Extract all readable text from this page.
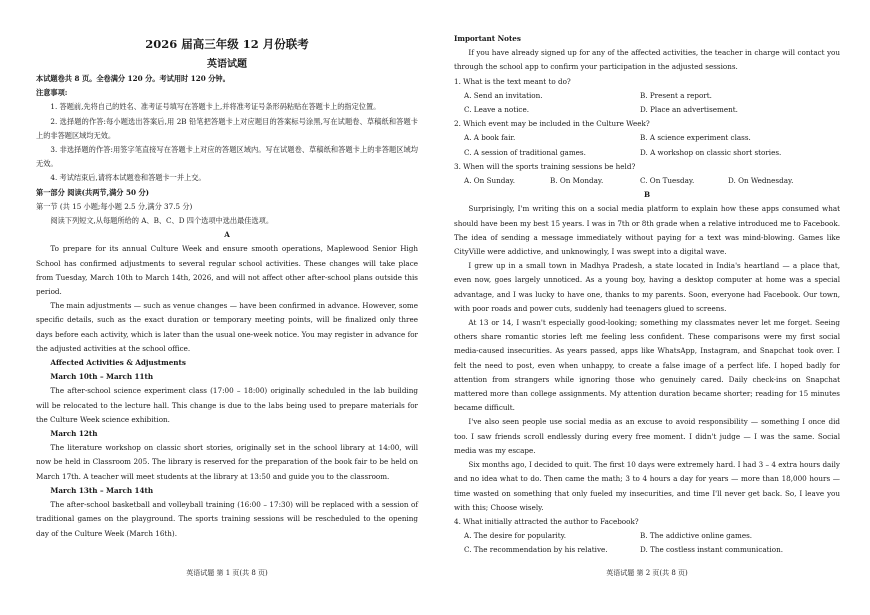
2026 届高三年级 12 月份联考
英语试题

本试题卷共 8 页。全卷满分 120 分。考试用时 120 分钟。

注意事项:

1. 答题前,先将自己的姓名、准考证号填写在答题卡上,并将准考证号条形码粘贴在答题卡上的指定位置。

2. 选择题的作答:每小题选出答案后,用 2B 铅笔把答题卡上对应题目的答案标号涂黑,写在试题卷、草稿纸和答题卡上的非答题区域均无效。

3. 非选择题的作答:用签字笔直接写在答题卡上对应的答题区域内。写在试题卷、草稿纸和答题卡上的非答题区域均无效。

4. 考试结束后,请将本试题卷和答题卡一并上交。

第一部分 阅读(共两节,满分 50 分)

第一节 (共 15 小题;每小题 2.5 分,满分 37.5 分)

阅读下列短文,从每题所给的 A、B、C、D 四个选项中选出最佳选项。

A

To prepare for its annual Culture Week and ensure smooth operations, Maplewood Senior High School has confirmed adjustments to several regular school activities. These changes will take place from Tuesday, March 10th to March 14th, 2026, and will not affect other after-school plans outside this period.

The main adjustments — such as venue changes — have been confirmed in advance. However, some specific details, such as the exact duration or temporary meeting points, will be finalized only three days before each activity, which is later than the usual one-week notice. You may register in advance for the adjusted activities at the school office.

Affected Activities & Adjustments

March 10th – March 11th

The after-school science experiment class (17:00 – 18:00) originally scheduled in the lab building will be relocated to the lecture hall. This change is due to the labs being used to prepare materials for the Culture Week science exhibition.

March 12th

The literature workshop on classic short stories, originally set in the school library at 14:00, will now be held in Classroom 205. The library is reserved for the preparation of the book fair to be held on March 17th. A teacher will meet students at the library at 13:50 and guide you to the classroom.

March 13th – March 14th

The after-school basketball and volleyball training (16:00 – 17:30) will be replaced with a session of traditional games on the playground. The sports training sessions will be rescheduled to the opening day of the Culture Week (March 16th).

英语试题 第 1 页(共 8 页)

Important Notes

If you have already signed up for any of the affected activities, the teacher in charge will contact you through the school app to confirm your participation in the adjusted sessions.

1. What is the text meant to do?

A. Send an invitation.	B. Present a report.
C. Leave a notice.	D. Place an advertisement.

2. Which event may be included in the Culture Week?

A. A book fair.	B. A science experiment class.
C. A session of traditional games.	D. A workshop on classic short stories.

3. When will the sports training sessions be held?

A. On Sunday.	B. On Monday.	C. On Tuesday.	D. On Wednesday.

B

Surprisingly, I'm writing this on a social media platform to explain how these apps consumed what should have been my best 15 years. I was in 7th or 8th grade when a relative introduced me to Facebook. The idea of sending a message immediately without paying for a text was mind-blowing. Games like CityVille were addictive, and unknowingly, I was swept into a digital wave.

I grew up in a small town in Madhya Pradesh, a state located in India's heartland — a place that, even now, goes largely unnoticed. As a young boy, having a desktop computer at home was a special advantage, and I was lucky to have one, thanks to my parents. Soon, everyone had Facebook. Our town, with poor roads and power cuts, suddenly had teenagers glued to screens.

At 13 or 14, I wasn't especially good-looking; something my classmates never let me forget. Seeing others share romantic stories left me feeling less confident. These comparisons were my first social media-caused insecurities. As years passed, apps like WhatsApp, Instagram, and Snapchat took over. I felt the need to post, even when unhappy, to create a false image of a perfect life. I hoped badly for attention from strangers while ignoring those who genuinely cared. Daily check-ins on Snapchat mattered more than college assignments. My attention duration became shorter; reading for 15 minutes became difficult.

I've also seen people use social media as an excuse to avoid responsibility — something I once did too. I saw friends scroll endlessly during every free moment. I didn't judge — I was the same. Social media was my escape.

Six months ago, I decided to quit. The first 10 days were extremely hard. I had 3 – 4 extra hours daily and no idea what to do. Then came the math; 3 to 4 hours a day for years — more than 18,000 hours — time wasted on something that only fueled my insecurities, and time I'll never get back. So, I leave you with this; Choose wisely.

4. What initially attracted the author to Facebook?

A. The desire for popularity.	B. The addictive online games.
C. The recommendation by his relative.	D. The costless instant communication.
英语试题 第 2 页(共 8 页)
